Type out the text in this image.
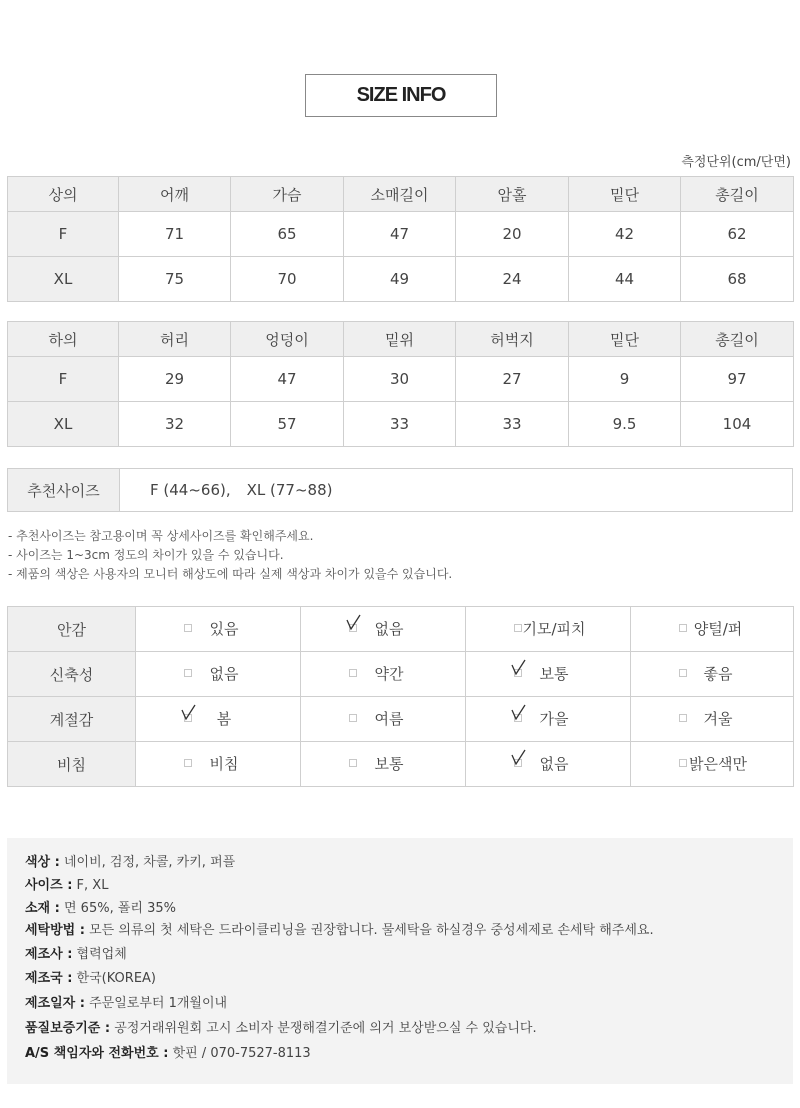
SIZE INFO
측정단위(cm/단면)
상의	어깨	가슴	소매길이	암홀	밑단	총길이
F	71	65	47	20	42	62
XL	75	70	49	24	44	68
하의	허리	엉덩이	밑위	허벅지	밑단	총길이
F	29	47	30	27	9	97
XL	32	57	33	33	9.5	104
추천사이즈	F (44~66), XL (77~88)
- 추천사이즈는 참고용이며 꼭 상세사이즈를 확인해주세요.
- 사이즈는 1~3cm 정도의 차이가 있을 수 있습니다.
- 제품의 색상은 사용자의 모니터 해상도에 따라 실제 색상과 차이가 있을수 있습니다.
안감	있음	없음	기모/피치	양털/퍼

신축성	없음	약간	보통	좋음

계절감	봄	여름	가을	겨울

비침	비침	보통	없음	밝은색만
색상 : 네이비, 검정, 차콜, 카키, 퍼플
사이즈 : F, XL
소재 : 면 65%, 폴리 35%
세탁방법 : 모든 의류의 첫 세탁은 드라이클리닝을 권장합니다. 물세탁을 하실경우 중성세제로 손세탁 해주세요.
제조사 : 협력업체
제조국 : 한국(KOREA)
제조일자 : 주문일로부터 1개월이내
품질보증기준 : 공정거래위원회 고시 소비자 분쟁해결기준에 의거 보상받으실 수 있습니다.
A/S 책임자와 전화번호 : 핫핀 / 070-7527-8113
